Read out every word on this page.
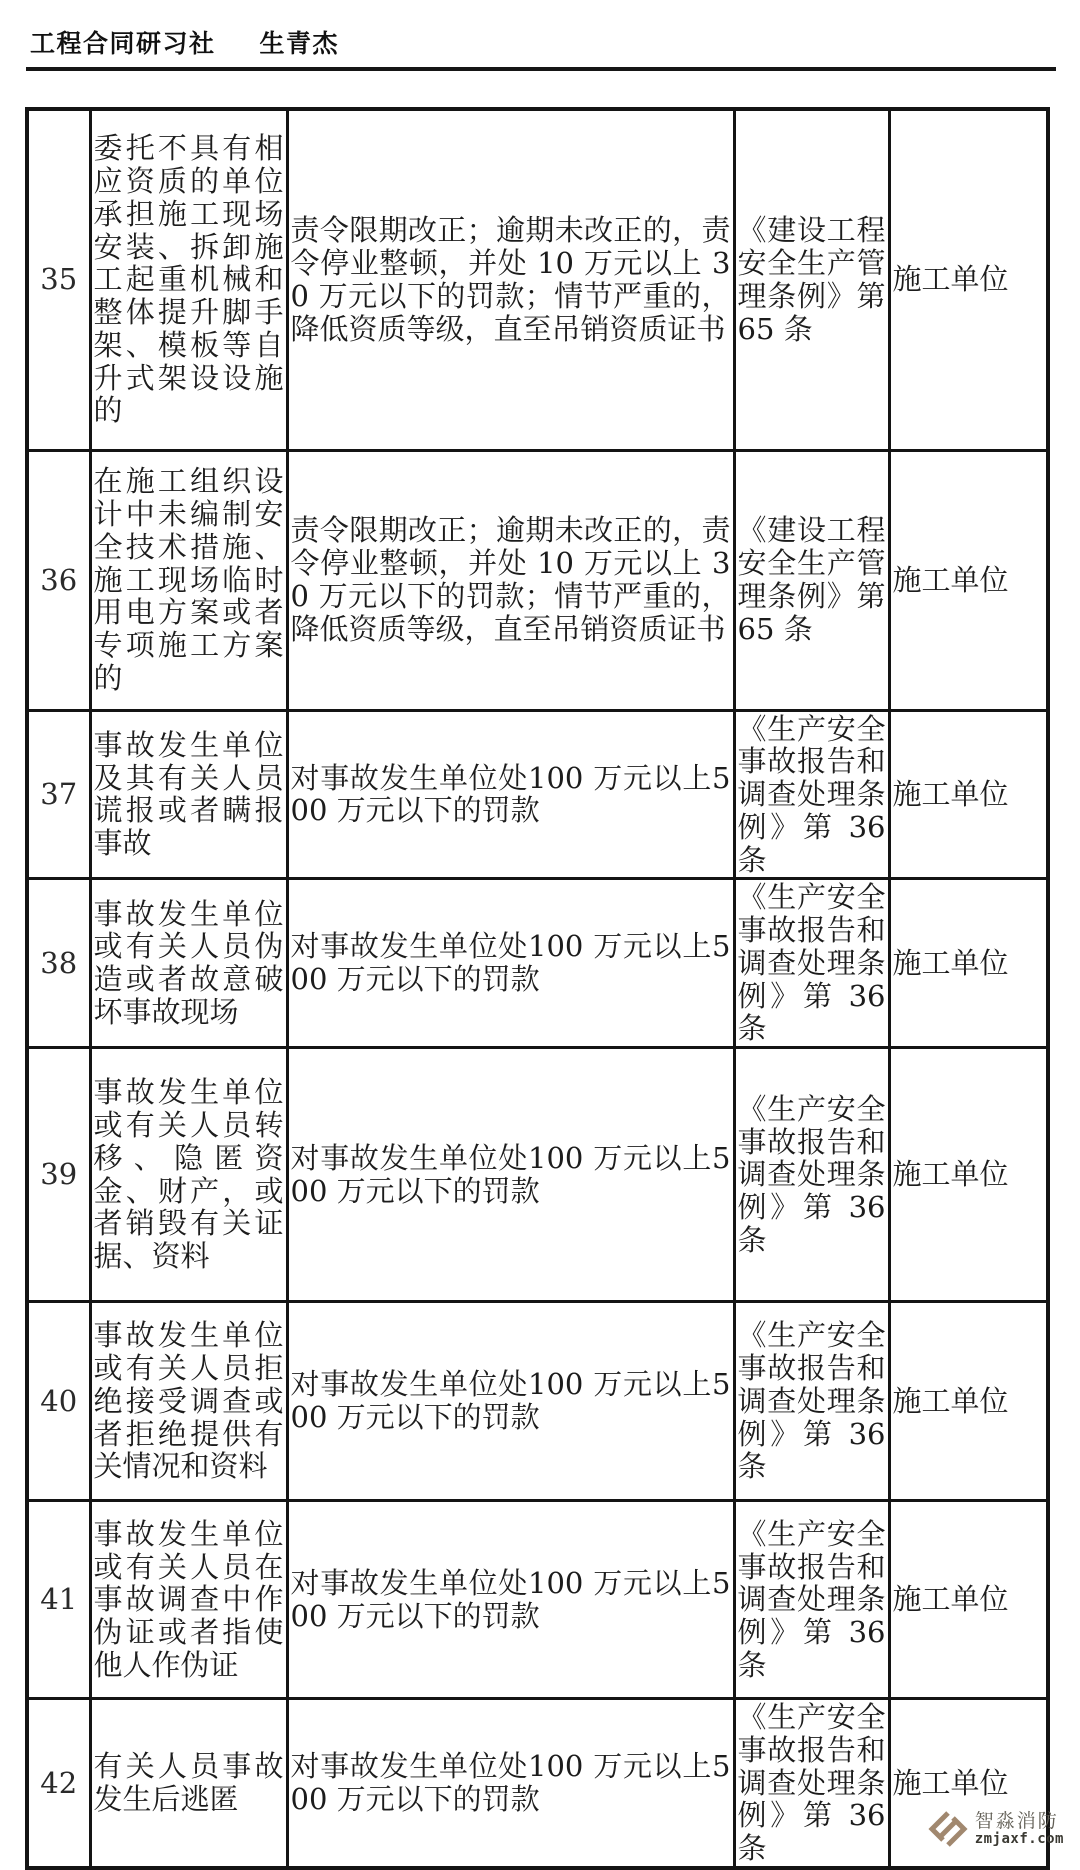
工程合同研习社 生青杰
35	委托不具有相应资质的单位承担施工现场安装、拆卸施工起重机械和整体提升脚手架、模板等自升式架设设施的	责令限期改正；逾期未改正的，责令停业整顿，并处 10 万元以上 30 万元以下的罚款；情节严重的，降低资质等级，直至吊销资质证书	《建设工程安全生产管理条例》第 65 条	施工单位
36	在施工组织设计中未编制安全技术措施、施工现场临时用电方案或者专项施工方案的	责令限期改正；逾期未改正的，责令停业整顿，并处 10 万元以上 30 万元以下的罚款；情节严重的，降低资质等级，直至吊销资质证书	《建设工程安全生产管理条例》第 65 条	施工单位
37	事故发生单位及其有关人员谎报或者瞒报事故	对事故发生单位处100 万元以上500 万元以下的罚款	《生产安全事故报告和调查处理条例》第 36 条	施工单位
38	事故发生单位或有关人员伪造或者故意破坏事故现场	对事故发生单位处100 万元以上500 万元以下的罚款	《生产安全事故报告和调查处理条例》第 36 条	施工单位
39	事故发生单位或有关人员转移、隐匿资金、财产，或者销毁有关证据、资料	对事故发生单位处100 万元以上500 万元以下的罚款	《生产安全事故报告和调查处理条例》第 36 条	施工单位
40	事故发生单位或有关人员拒绝接受调查或者拒绝提供有关情况和资料	对事故发生单位处100 万元以上500 万元以下的罚款	《生产安全事故报告和调查处理条例》第 36 条	施工单位
41	事故发生单位或有关人员在事故调查中作伪证或者指使他人作伪证	对事故发生单位处100 万元以上500 万元以下的罚款	《生产安全事故报告和调查处理条例》第 36 条	施工单位
42	有关人员事故发生后逃匿	对事故发生单位处100 万元以上500 万元以下的罚款	《生产安全事故报告和调查处理条例》第 36 条	施工单位
智淼消防
zmjaxf.com
